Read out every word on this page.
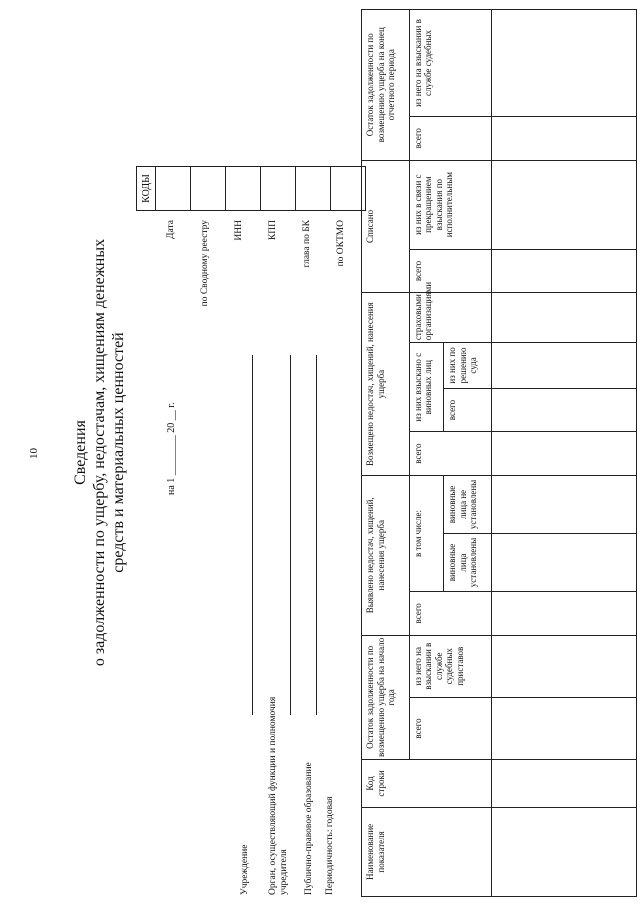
10 Сведения о задолженности по ущербу, недостачам, хищениям денежных средств и материальных ценностей	на 1 ________ 20 __ г.
Учреждение Орган, осуществляющий функции и полномочия учредителя Публично-правовое образование Периодичность: годовая
Дата	по Сводному реестру	ИНН	КПП	глава по БК	по ОКТМО
КОДЫ

Наименование показателя	Код строки	Остаток задолженности по возмещению ущерба на начало года		Выявлено недостач, хищений, нанесения ущерба			Возмещено недостач, хищений, нанесения ущерба				Списано		Остаток задолженности по возмещению ущерба на конец отчетного периода	
		всего	из него на взыскании в службе судебных приставов	всего	в том числе:		всего	из них взыскано с виновных лиц		страховыми организациями	всего	из них в связи с прекращением взыскания по исполнительным	всего	из него на взыскании в службе судебных
					виновные лица установлены	виновные лица не установлены		всего	из них по решению суда					
